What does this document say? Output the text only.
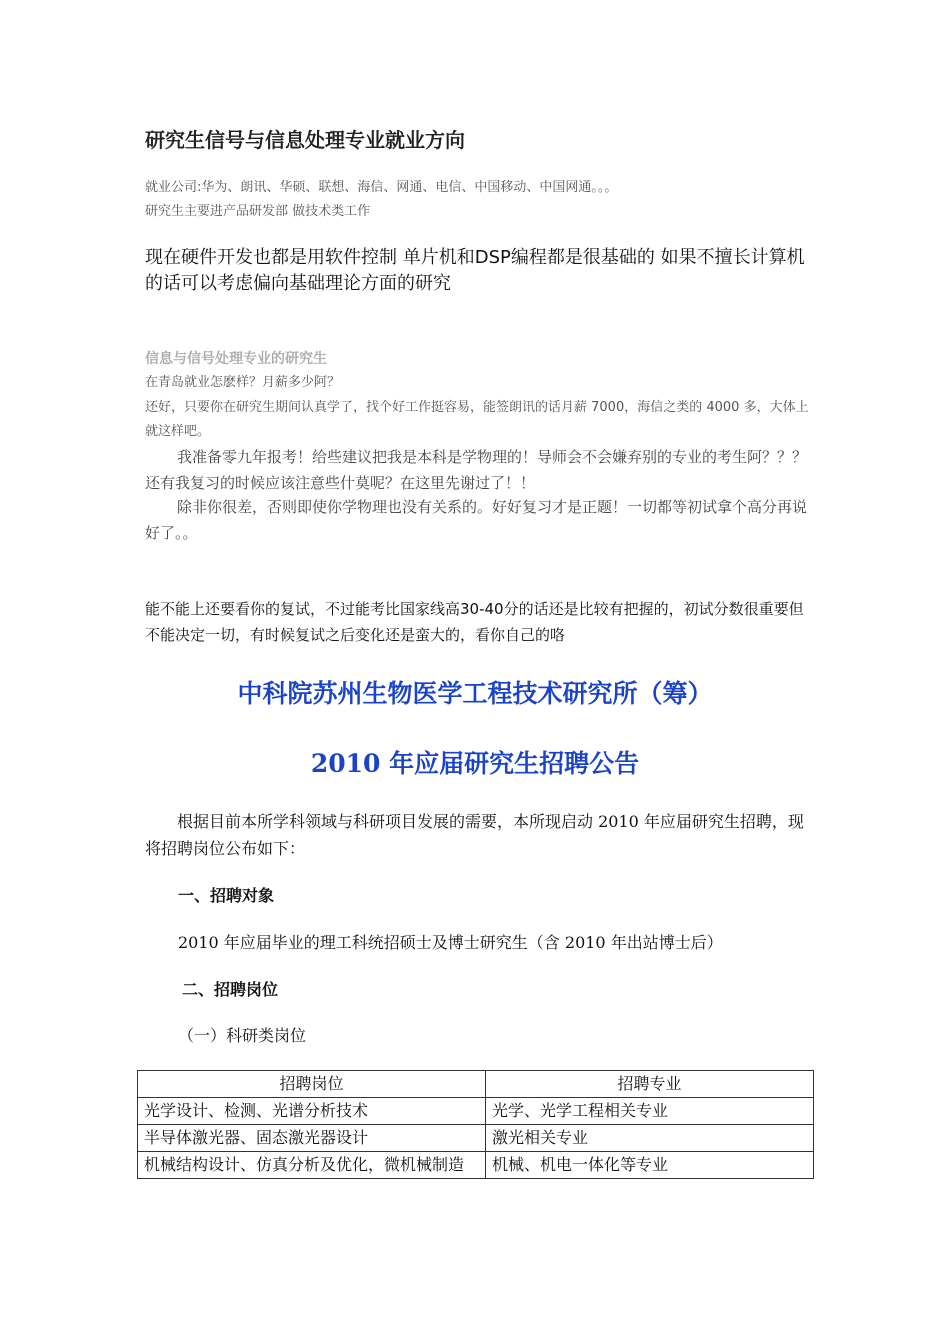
研究生信号与信息处理专业就业方向
就业公司:华为、朗讯、华硕、联想、海信、网通、电信、中国移动、中国网通。。。
研究生主要进产品研发部 做技术类工作
现在硬件开发也都是用软件控制 单片机和DSP编程都是很基础的 如果不擅长计算机的话可以考虑偏向基础理论方面的研究
信息与信号处理专业的研究生
在青岛就业怎麽样？月薪多少阿？
还好，只要你在研究生期间认真学了，找个好工作挺容易，能签朗讯的话月薪 7000，海信之类的 4000 多，大体上就这样吧。
我准备零九年报考！给些建议把我是本科是学物理的！导师会不会嫌弃别的专业的考生阿？？？还有我复习的时候应该注意些什莫呢？在这里先谢过了！！
除非你很差，否则即使你学物理也没有关系的。好好复习才是正题！一切都等初试拿个高分再说好了。。
能不能上还要看你的复试，不过能考比国家线高30-40分的话还是比较有把握的，初试分数很重要但不能决定一切，有时候复试之后变化还是蛮大的，看你自己的咯
中科院苏州生物医学工程技术研究所（筹）
2010 年应届研究生招聘公告
根据目前本所学科领域与科研项目发展的需要，本所现启动 2010 年应届研究生招聘，现将招聘岗位公布如下：
一、招聘对象
2010 年应届毕业的理工科统招硕士及博士研究生（含 2010 年出站博士后）
二、招聘岗位
（一）科研类岗位
招聘岗位	招聘专业
光学设计、检测、光谱分析技术	光学、光学工程相关专业
半导体激光器、固态激光器设计	激光相关专业
机械结构设计、仿真分析及优化，微机械制造	机械、机电一体化等专业
